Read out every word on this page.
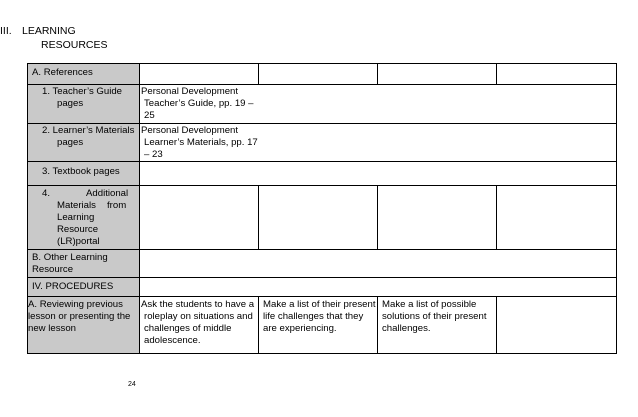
III. LEARNING
RESOURCES
A. References
1. Teacher’s Guide
pages
Personal Development
Teacher’s Guide, pp. 19 –
25
2. Learner’s Materials
pages
Personal Development
Learner’s Materials, pp. 17
– 23
3. Textbook pages
4.	Additional
Materials from
Learning
Resource
(LR)portal
B. Other Learning
Resource
IV. PROCEDURES
A. Reviewing previous
lesson or presenting the
new lesson
Ask the students to have a
roleplay on situations and
challenges of middle
adolescence.
Make a list of their present
life challenges that they
are experiencing.
Make a list of possible
solutions of their present
challenges.
24
